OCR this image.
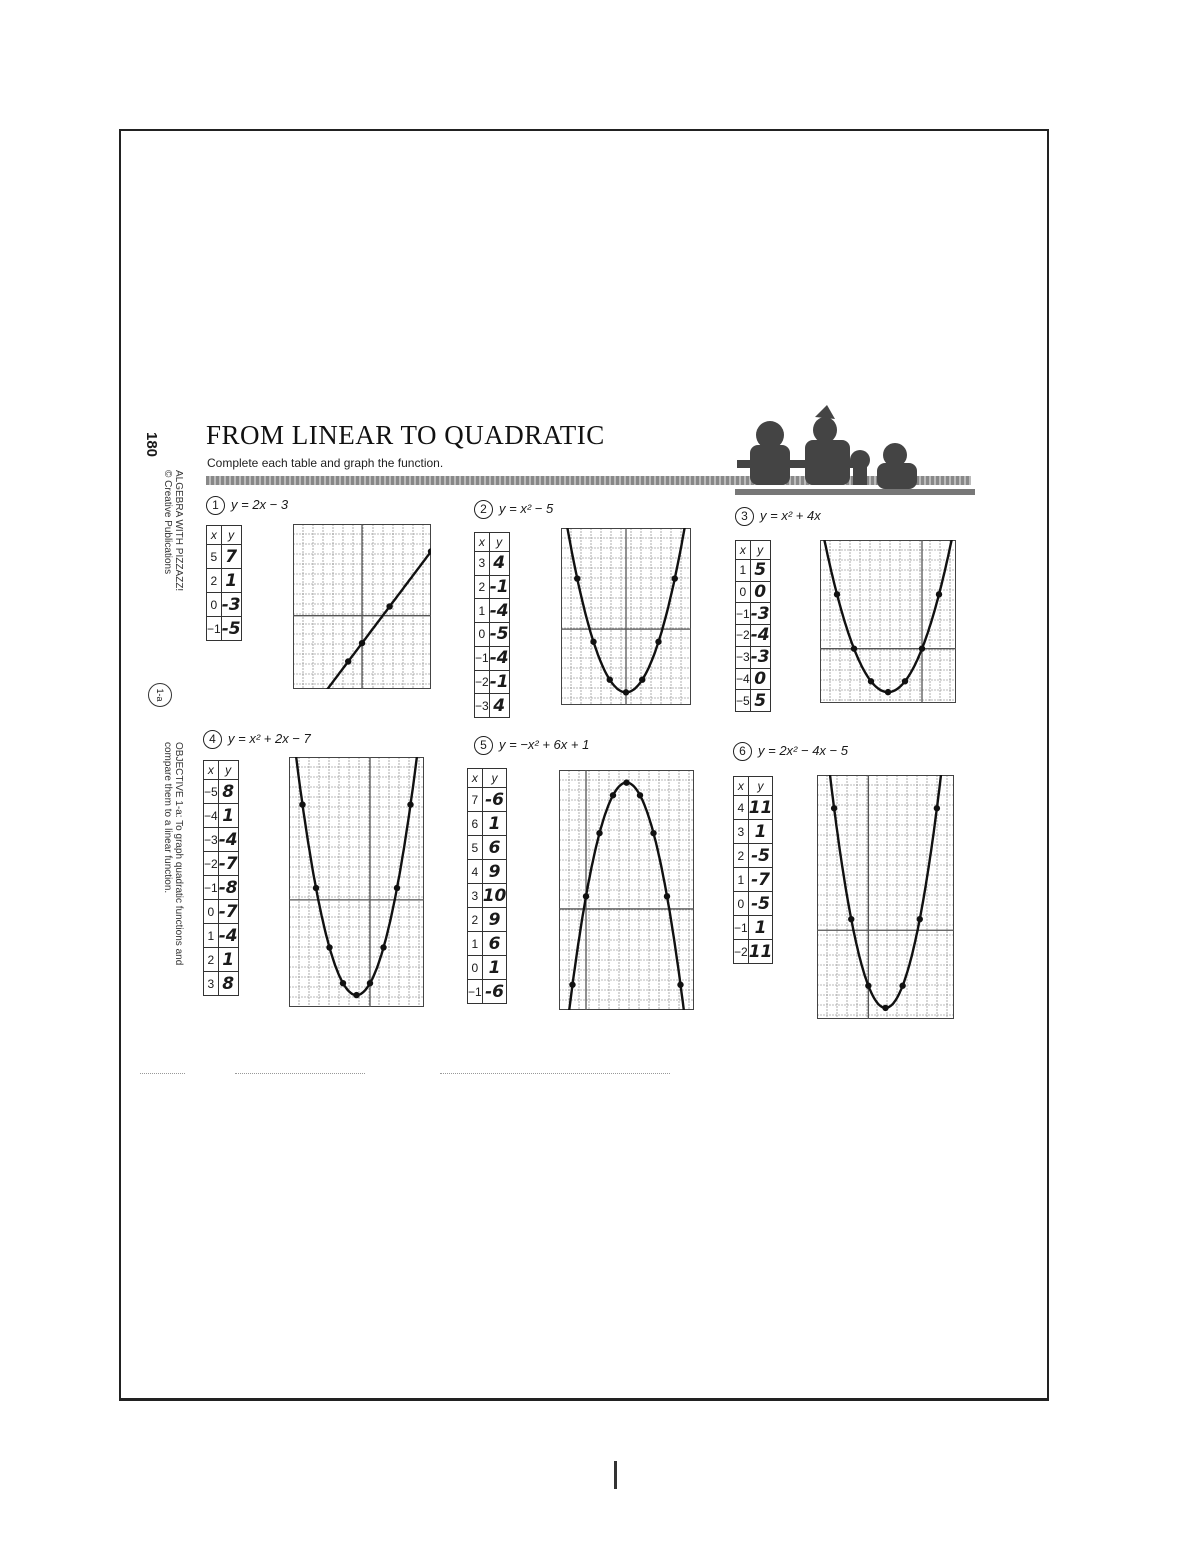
180
ALGEBRA WITH PIZZAZZ!
© Creative Publications
1-a
OBJECTIVE 1-a: To graph quadratic functions and
compare them to a linear function.
FROM LINEAR TO QUADRATIC
Complete each table and graph the function.
1 y = 2x − 3
x	y
5	7
2	1
0	-3
−1	-5
2 y = x² − 5
x	y
3	4
2	-1
1	-4
0	-5
−1	-4
−2	-1
−3	4
3 y = x² + 4x
x	y
1	5
0	0
−1	-3
−2	-4
−3	-3
−4	0
−5	5
4 y = x² + 2x − 7
x	y
−5	8
−4	1
−3	-4
−2	-7
−1	-8
0	-7
1	-4
2	1
3	8
5 y = −x² + 6x + 1
x	y
7	-6
6	1
5	6
4	9
3	10
2	9
1	6
0	1
−1	-6
6 y = 2x² − 4x − 5
x	y
4	11
3	1
2	-5
1	-7
0	-5
−1	1
−2	11
